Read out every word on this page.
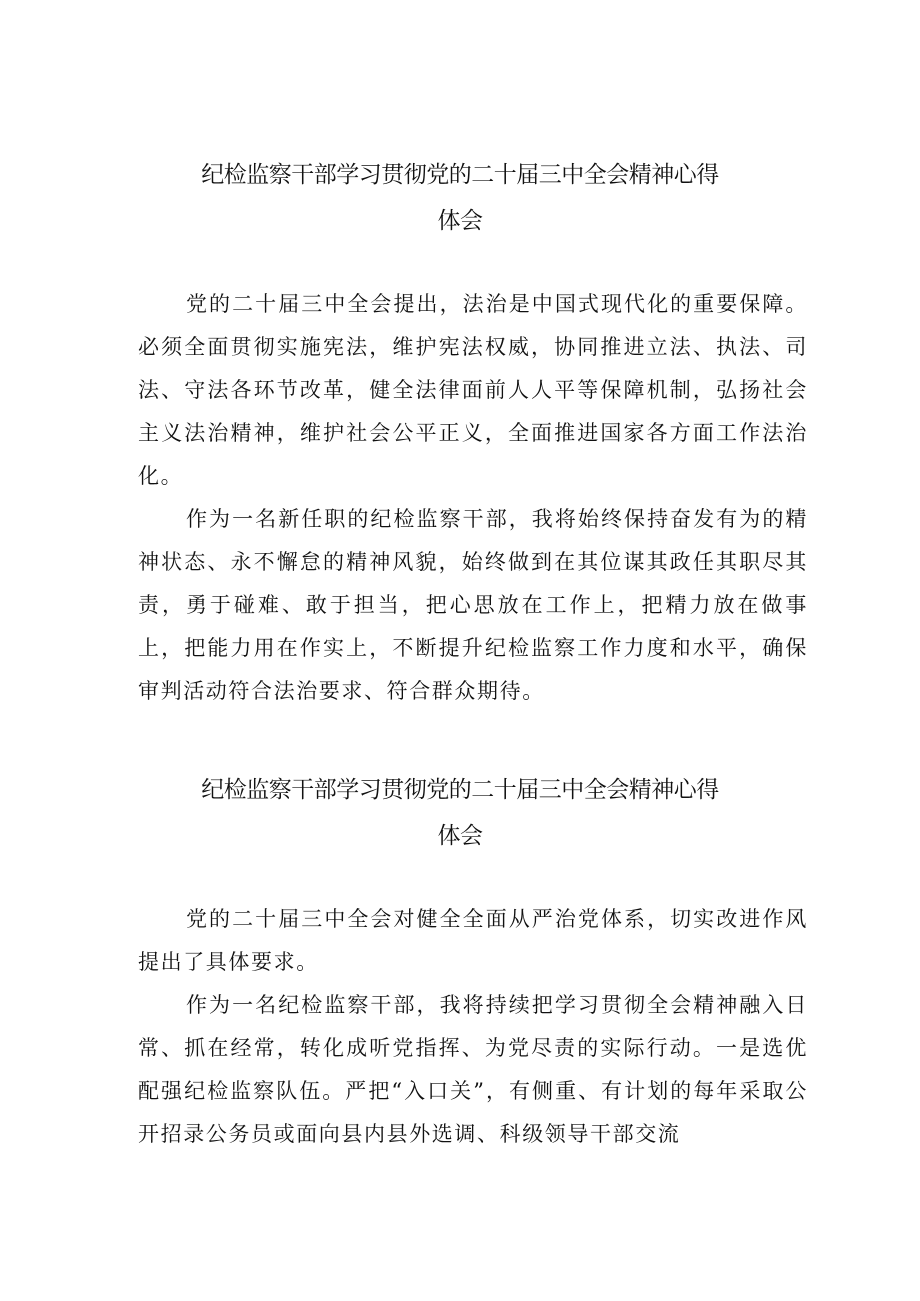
纪检监察干部学习贯彻党的二十届三中全会精神心得
体会

党的二十届三中全会提出，法治是中国式现代化的重要保障。必须全面贯彻实施宪法，维护宪法权威，协同推进立法、执法、司法、守法各环节改革，健全法律面前人人平等保障机制，弘扬社会主义法治精神，维护社会公平正义，全面推进国家各方面工作法治化。

作为一名新任职的纪检监察干部，我将始终保持奋发有为的精神状态、永不懈怠的精神风貌，始终做到在其位谋其政任其职尽其责，勇于碰难、敢于担当，把心思放在工作上，把精力放在做事上，把能力用在作实上，不断提升纪检监察工作力度和水平，确保审判活动符合法治要求、符合群众期待。

纪检监察干部学习贯彻党的二十届三中全会精神心得
体会

党的二十届三中全会对健全全面从严治党体系，切实改进作风提出了具体要求。

作为一名纪检监察干部，我将持续把学习贯彻全会精神融入日常、抓在经常，转化成听党指挥、为党尽责的实际行动。一是选优配强纪检监察队伍。严把“入口关”，有侧重、有计划的每年采取公开招录公务员或面向县内县外选调、科级领导干部交流
